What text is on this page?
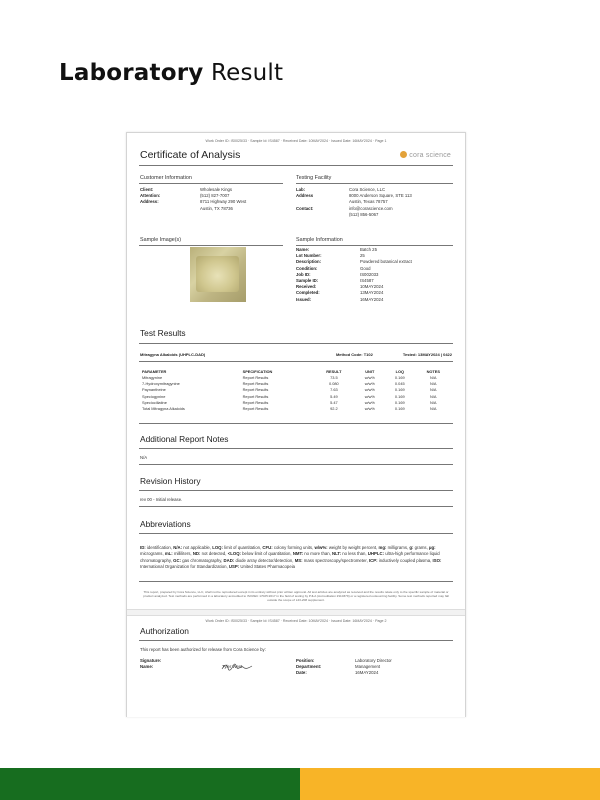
Laboratory Result
Work Order ID: IS0025/33 · Sample Id: IS4587 · Received Date: 10MAY2024 · Issued Date: 16MAY2024 · Page 1
Certificate of Analysis	cora science
Customer Information
Client:	Wholesale Kings
Attention:	(512) 827-7007
Address:	8711 Highway 290 West
Austin, TX 78736
Testing Facility
Lab:	Cora Science, LLC
Address	8000 Anderson Square, STE 113
Austin, Texas 78757
Contact:	info@corascience.com
(512) 856-5067
Sample Image(s)	Sample Information
Name:	Batch 25
Lot Number:	25
Description:	Powdered botanical extract
Condition:	Good
Job ID:	IS002033
Sample ID:	IS4587
Received:	10MAY2024
Completed:	13MAY2024
Issued:	16MAY2024
Test Results
Mitragyna Alkaloids (UHPLC-DAD)	Method Code: T102	Tested: 13MAY2024 | 0422
PARAMETER	SPECIFICATION	RESULT	UNIT	LOQ	NOTES
Mitragynine	Report Results	73.5	w/w%	0.169	N/A
7-Hydroxymitragynine	Report Results	0.080	w/w%	0.045	N/A
Paynantheine	Report Results	7.63	w/w%	0.169	N/A
Speciogynine	Report Results	5.49	w/w%	0.169	N/A
Speciociliatine	Report Results	5.47	w/w%	0.169	N/A
Total Mitragyna Alkaloids	Report Results	92.2	w/w%	0.169	N/A
Additional Report Notes
N/A
Revision History
rev 00 - Initial release.
Abbreviations
ID: identification, N/A: not applicable, LOQ: limit of quantitation, CFU: colony forming units, w/w%: weight by weight percent, mg: milligrams, g: grams, µg: micrograms, mL: milliliters, ND: not detected, <LOQ: below limit of quantitation, NMT: no more than, NLT: no less than, UHPLC: ultra-high performance liquid chromatography, GC: gas chromatography, DAD: diode array detector/detection, MS: mass spectroscopy/spectrometer, ICP: inductively coupled plasma, ISO: International Organization for Standardization, USP: United States Pharmacopeia
This report, prepared by Cora Science, LLC, shall not be reproduced except in its entirety without prior written approval. All test articles are analyzed as received and the results relate only to the specific sample of material or product analyzed. Test methods are performed in a laboratory accredited to ISO/IEC 17025:2017 in the field of testing by PJLA (Accreditation #110379) or a registered outsourcing facility. Some test methods reported may fall outside the scope of L23-208 supplement.
Work Order ID: IS0025/33 · Sample Id: IS4587 · Received Date: 10MAY2024 · Issued Date: 16MAY2024 · Page 2
Authorization
This report has been authorized for release from Cora Science by:
Signature:
Name:	Tyler West
Position:	Laboratory Director
Department:	Management
Date:	16MAY2024
